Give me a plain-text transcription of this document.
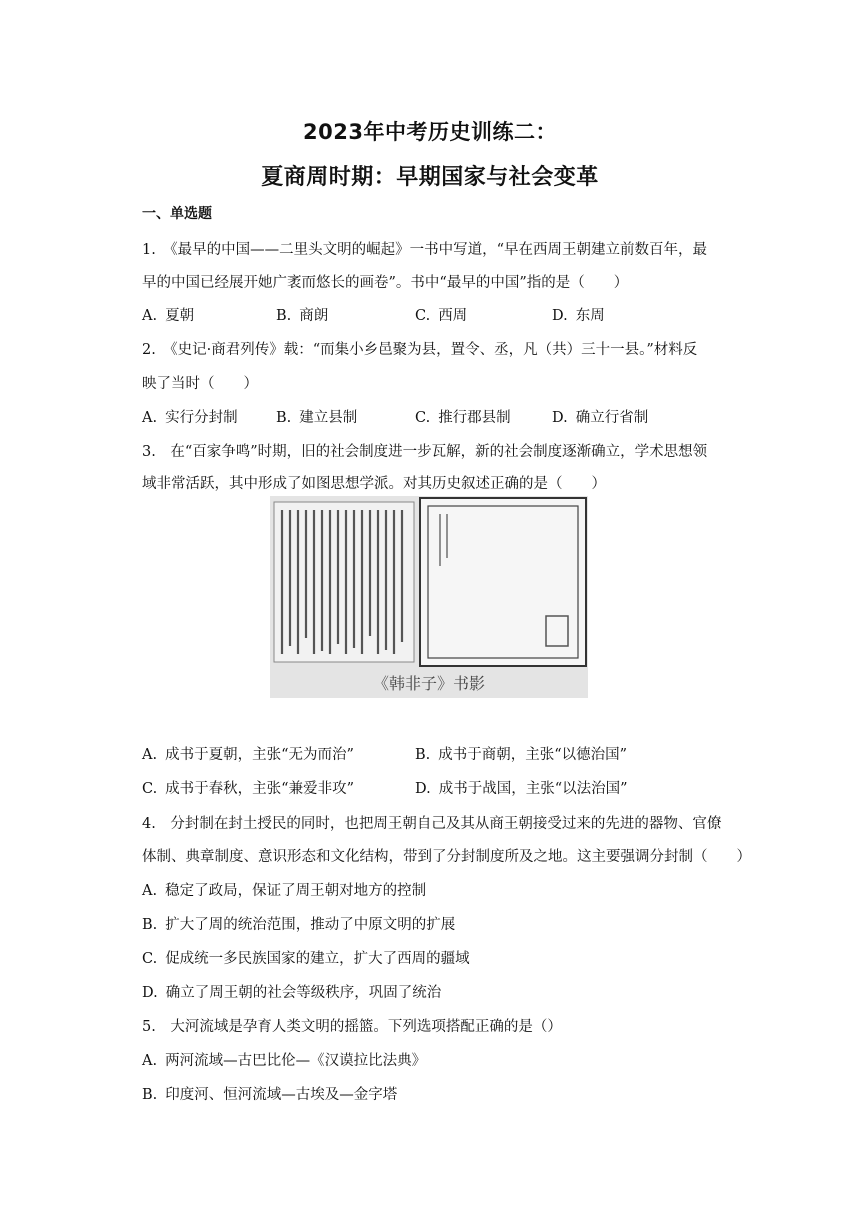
2023年中考历史训练二：
夏商周时期：早期国家与社会变革
一、单选题
1.　《最早的中国——二里头文明的崛起》一书中写道，“早在西周王朝建立前数百年，最
早的中国已经展开她广袤而悠长的画卷”。书中“最早的中国”指的是（　　）
A. 夏朝	B. 商朗	C. 西周	D. 东周
2.　《史记·商君列传》载：“而集小乡邑聚为县，置令、丞，凡（共）三十一县。”材料反
映了当时（　　）
A. 实行分封制	B. 建立县制	C. 推行郡县制	D. 确立行省制
3.　在“百家争鸣”时期，旧的社会制度进一步瓦解，新的社会制度逐渐确立，学术思想领
域非常活跃，其中形成了如图思想学派。对其历史叙述正确的是（　　）
《韩非子》书影
A. 成书于夏朝，主张“无为而治”	B. 成书于商朝，主张“以德治国”
C. 成书于春秋，主张“兼爱非攻”	D. 成书于战国，主张“以法治国”
4.　分封制在封土授民的同时，也把周王朝自己及其从商王朝接受过来的先进的器物、官僚
体制、典章制度、意识形态和文化结构，带到了分封制度所及之地。这主要强调分封制（　　）
A. 稳定了政局，保证了周王朝对地方的控制
B. 扩大了周的统治范围，推动了中原文明的扩展
C. 促成统一多民族国家的建立，扩大了西周的疆域
D. 确立了周王朝的社会等级秩序，巩固了统治
5.　大河流域是孕育人类文明的摇篮。下列选项搭配正确的是（）
A. 两河流域—古巴比伦—《汉谟拉比法典》
B. 印度河、恒河流域—古埃及—金字塔
